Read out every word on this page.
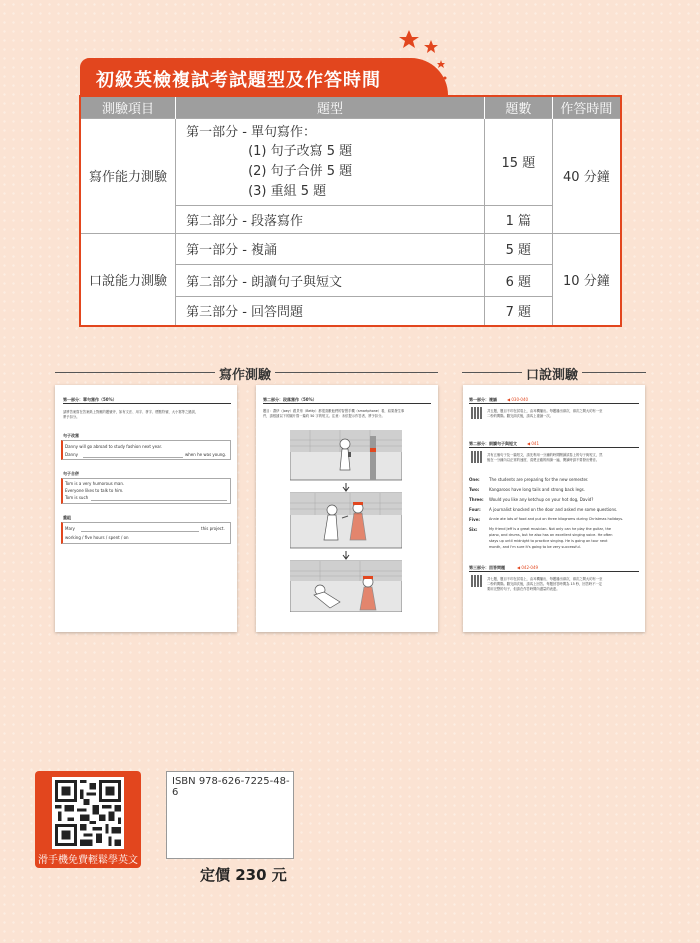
初級英檢複試考試題型及作答時間
測驗項目	題型	題數	作答時間
寫作能力測驗	第一部分 - 單句寫作：
(1) 句子改寫 5 題
(2) 句子合併 5 題
(3) 重組 5 題	15 題	40 分鐘
	第二部分 - 段落寫作	1 篇	
口說能力測驗	第一部分 - 複誦	5 題	10 分鐘
	第二部分 - 朗讀句子與短文	6 題	
	第三部分 - 回答問題	7 題	
寫作測驗	口說測驗
第一部分：單句寫作（50%）
請將答案寫在答案紙上對應的題號旁，如有文法、用字、拼字、標點符號、大小寫等之錯誤，
將予扣分。
句子改寫
Danny will go abroad to study fashion next year.
Danny	when he was young.
句子合併
Tom is a very humorous man.
Everyone likes to talk to him.
Tom is such
重組
Mary	this project.
working / five hours / spent / on
第二部分：段落寫作（50%）
題目：喬伊（Joey）跟貝蒂（Betty）都很喜歡他們的智慧手機（smartphone）看，結果發生事
件，請根據以下的圖片寫一篇約 50 字的短文。注意：未依提示作答者，將予扣分。
第一部分：複誦	◀ 030-040
共五題，題目不印在試卷上，由耳機播出。每題播出兩次，兩次之間大約有一至
二秒的間隔。聽完兩次後，請馬上複誦一次。
第二部分：朗讀句子與短文	◀ 041
共有五個句子及一篇短文，請先利用一分鐘的時間閱讀試卷上的句子與短文，然
後在一分鐘內以正常的速度，清楚正確的朗讀一遍，閱讀時請不要發出聲音。
One: The students are preparing for the new semester.
Two: Kangaroos have long tails and strong back legs.
Three: Would you like any ketchup on your hot dog, David?
Four: A journalist knocked on the door and asked me some questions.
Five:	Annie ate lots of food and put on three kilograms during Christmas holidays.
Six:	My friend Jeff is a great musician. Not only can he play the guitar, the
piano, and drums, but he also has an excellent singing voice. He often
stays up until midnight to practice singing. He is going on tour next
month, and I'm sure it's going to be very successful.
第三部分：回答問題	◀ 042-049
共七題，題目不印在試卷上，由耳機播出，每題播出兩次，兩次之間大約有一至
二秒的間隔。聽完兩次後，請馬上回答。每題回答時間為 15 秒，回答時不一定
要用完整的句子，但請在作答時間內盡量的表達。
滑手機免費輕鬆學英文
ISBN 978-626-7225-48-6
定價 230 元
